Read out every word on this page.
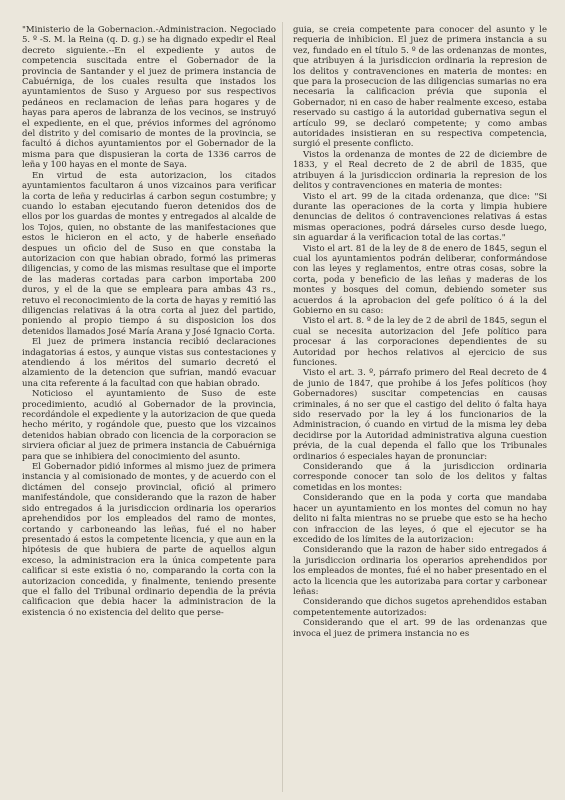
"Ministerio de la Gobernacion.-Administracion. Negociado 5. º -S. M. la Reina (q. D. g.) se ha dignado expedir el Real decreto siguiente.--En el expediente y autos de competencia suscitada entre el Gobernador de la provincia de Santander y el juez de primera instancia de Cabuérniga, de los cuales resulta que instados los ayuntamientos de Suso y Argueso por sus respectivos pedáneos en reclamacion de leñas para hogares y de hayas para aperos de labranza de los vecinos, se instruyó el expediente, en el que, prévios informes del agrónomo del distrito y del comisario de montes de la provincia, se facultó á dichos ayuntamientos por el Gobernador de la misma para que dispusieran la corta de 1336 carros de leña y 100 hayas en el monte de Saya.

En virtud de esta autorizacion, los citados ayuntamientos facultaron á unos vizcainos para verificar la corta de leña y reducirlas á carbon segun costumbre; y cuando lo estaban ejecutando fueron detenidos dos de ellos por los guardas de montes y entregados al alcalde de los Tojos, quien, no obstante de las manifestaciones que estos le hicieron en el acto, y de haberle enseñado despues un oficio del de Suso en que constaba la autorizacion con que habian obrado, formó las primeras diligencias, y como de las mismas resultase que el importe de las maderas cortadas para carbon importaba 200 duros, y el de la que se empleara para ambas 43 rs., retuvo el reconocimiento de la corta de hayas y remitió las diligencias relativas á la otra corta al juez del partido, poniendo al propio tiempo á su disposicion los dos detenidos llamados José María Arana y José Ignacio Corta.

El juez de primera instancia recibió declaraciones indagatorias á estos, y aunque vistas sus contestaciones y atendiendo á los méritos del sumario decretó el alzamiento de la detencion que sufrian, mandó evacuar una cita referente á la facultad con que habian obrado.

Noticioso el ayuntamiento de Suso de este procedimiento, acudió al Gobernador de la provincia, recordándole el expediente y la autorizacion de que queda hecho mérito, y rogándole que, puesto que los vizcainos detenidos habian obrado con licencia de la corporacion se sirviera oficiar al juez de primera instancia de Cabuérniga para que se inhibiera del conocimiento del asunto.

El Gobernador pidió informes al mismo juez de primera instancia y al comisionado de montes, y de acuerdo con el dictámen del consejo provincial, ofició al primero manifestándole, que considerando que la razon de haber sido entregados á la jurisdiccion ordinaria los operarios aprehendidos por los empleados del ramo de montes, cortando y carboneando las leñas, fué el no haber presentado á estos la competente licencia, y que aun en la hipótesis de que hubiera de parte de aquellos algun exceso, la administracion era la única competente para calificar si este existia ó no, comparando la corta con la autorizacion concedida, y finalmente, teniendo presente que el fallo del Tribunal ordinario dependia de la prévia calificacion que debia hacer la administracion de la existencia ó no existencia del delito que perse-

guia, se creia competente para conocer del asunto y le requeria de inhibicion. El juez de primera instancia a su vez, fundado en el título 5. º de las ordenanzas de montes, que atribuyen á la jurisdiccion ordinaria la represion de los delitos y contravenciones en materia de montes: en que para la prosecucion de las diligencias sumarias no era necesaria la calificacion prévia que suponia el Gobernador, ni en caso de haber realmente exceso, estaba reservado su castigo á la autoridad gubernativa segun el artículo 99, se declaró competente; y como ambas autoridades insistieran en su respectiva competencia, surgió el presente conflicto.

Vistos la ordenanza de montes de 22 de diciembre de 1833, y el Real decreto de 2 de abril de 1835, que atribuyen á la jurisdiccion ordinaria la represion de los delitos y contravenciones en materia de montes:

Visto el art. 99 de la citada ordenanza, que dice: "Si durante las operaciones de la corta y limpia hubiere denuncias de delitos ó contravenciones relativas á estas mismas operaciones, podrá dárseles curso desde luego, sin aguardar á la verificacion total de las cortas."

Visto el art. 81 de la ley de 8 de enero de 1845, segun el cual los ayuntamientos podrán deliberar, conformándose con las leyes y reglamentos, entre otras cosas, sobre la corta, poda y beneficio de las leñas y maderas de los montes y bosques del comun, debiendo someter sus acuerdos á la aprobacion del gefe político ó á la del Gobierno en su caso:

Visto el art. 8. º de la ley de 2 de abril de 1845, segun el cual se necesita autorizacion del Jefe político para procesar á las corporaciones dependientes de su Autoridad por hechos relativos al ejercicio de sus funciones.

Visto el art. 3. º, párrafo primero del Real decreto de 4 de junio de 1847, que prohibe á los Jefes políticos (hoy Gobernadores) suscitar competencias en causas criminales, á no ser que el castigo del delito ó falta haya sido reservado por la ley á los funcionarios de la Administracion, ó cuando en virtud de la misma ley deba decidirse por la Autoridad administrativa alguna cuestion prévia, de la cual dependa el fallo que los Tribunales ordinarios ó especiales hayan de pronunciar:

Considerando que á la jurisdiccion ordinaria corresponde conocer tan solo de los delitos y faltas cometidas en los montes:

Considerando que en la poda y corta que mandaba hacer un ayuntamiento en los montes del comun no hay delito ni falta mientras no se pruebe que esto se ha hecho con infraccion de las leyes, ó que el ejecutor se ha excedido de los límites de la autorizacion:

Considerando que la razon de haber sido entregados á la jurisdiccion ordinaria los operarios aprehendidos por los empleados de montes, fué el no haber presentado en el acto la licencia que les autorizaba para cortar y carbonear leñas:

Considerando que dichos sugetos aprehendidos estaban competentemente autorizados:

Considerando que el art. 99 de las ordenanzas que invoca el juez de primera instancia no es
